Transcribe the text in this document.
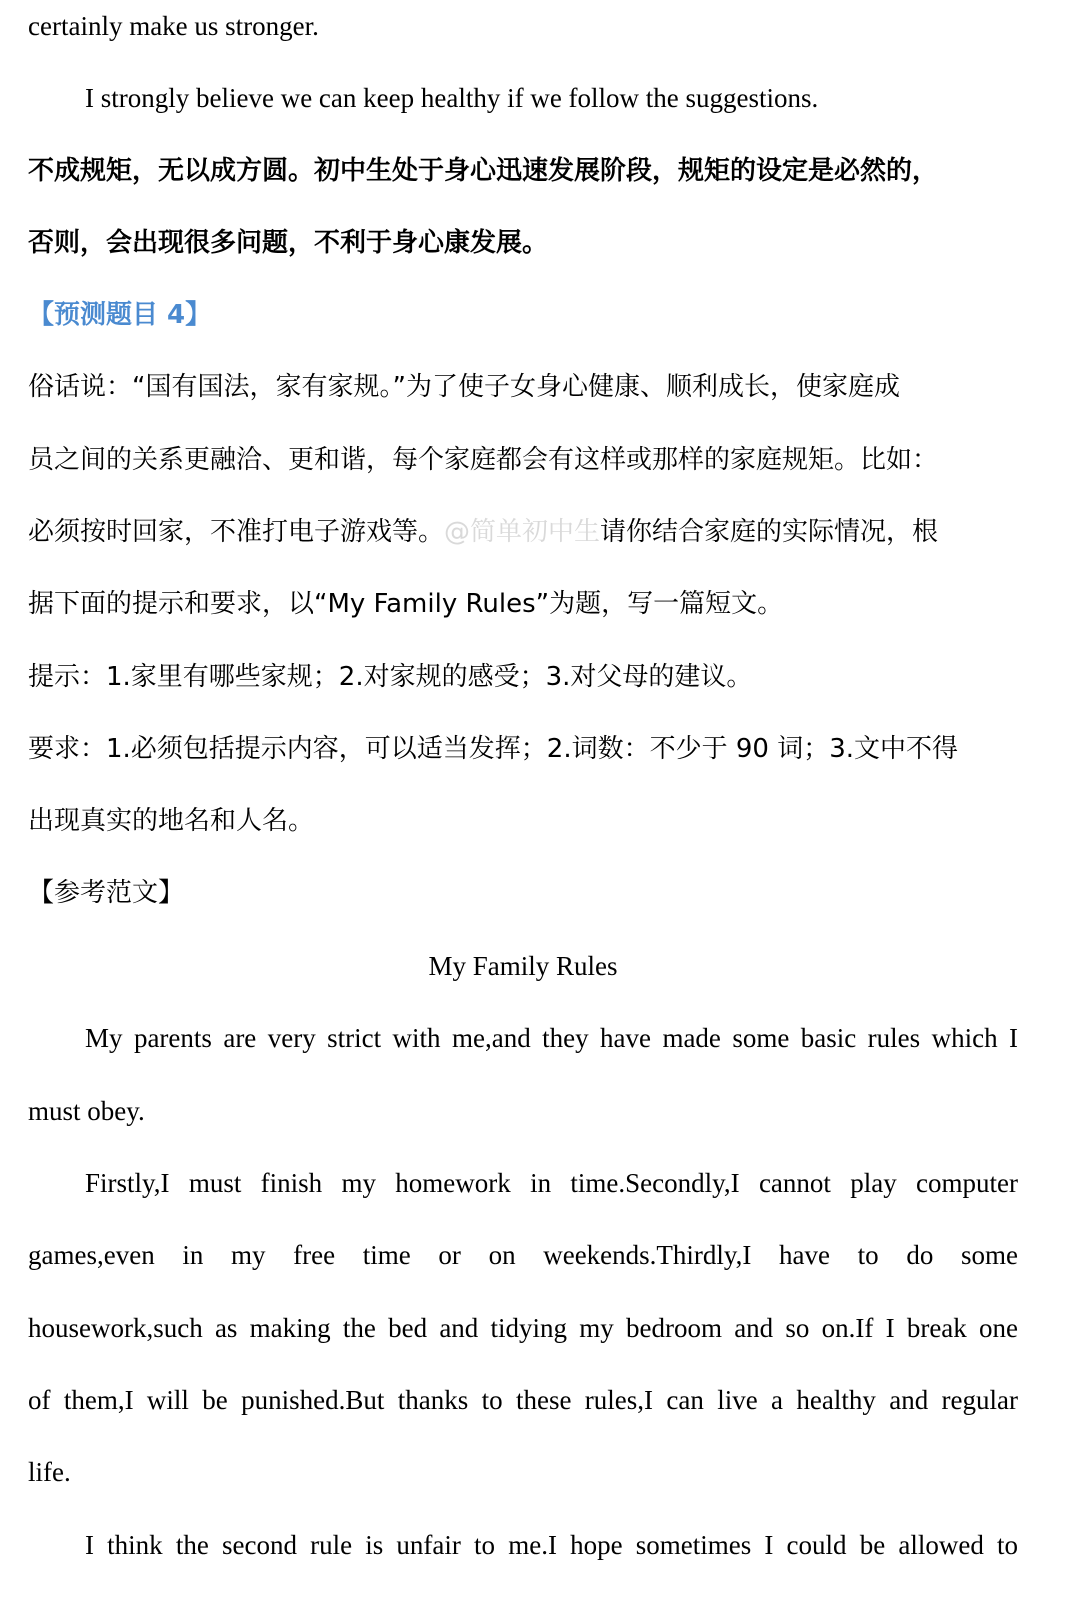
certainly make us stronger.
I strongly believe we can keep healthy if we follow the suggestions.
不成规矩，无以成方圆。初中生处于身心迅速发展阶段，规矩的设定是必然的，
否则，会出现很多问题，不利于身心康发展。
【预测题目 4】
俗话说：“国有国法，家有家规。”为了使子女身心健康、顺利成长，使家庭成
员之间的关系更融洽、更和谐，每个家庭都会有这样或那样的家庭规矩。比如：
必须按时回家，不准打电子游戏等。@简单初中生请你结合家庭的实际情况，根
据下面的提示和要求，以“My Family Rules”为题，写一篇短文。
提示：1.家里有哪些家规；2.对家规的感受；3.对父母的建议。
要求：1.必须包括提示内容，可以适当发挥；2.词数：不少于 90 词；3.文中不得
出现真实的地名和人名。
【参考范文】
My Family Rules
My parents are very strict with me,and they have made some basic rules which I
must obey.
Firstly,I must finish my homework in time.Secondly,I cannot play computer
games,even in my free time or on weekends.Thirdly,I have to do some
housework,such as making the bed and tidying my bedroom and so on.If I break one
of them,I will be punished.But thanks to these rules,I can live a healthy and regular
life.
I think the second rule is unfair to me.I hope sometimes I could be allowed to
